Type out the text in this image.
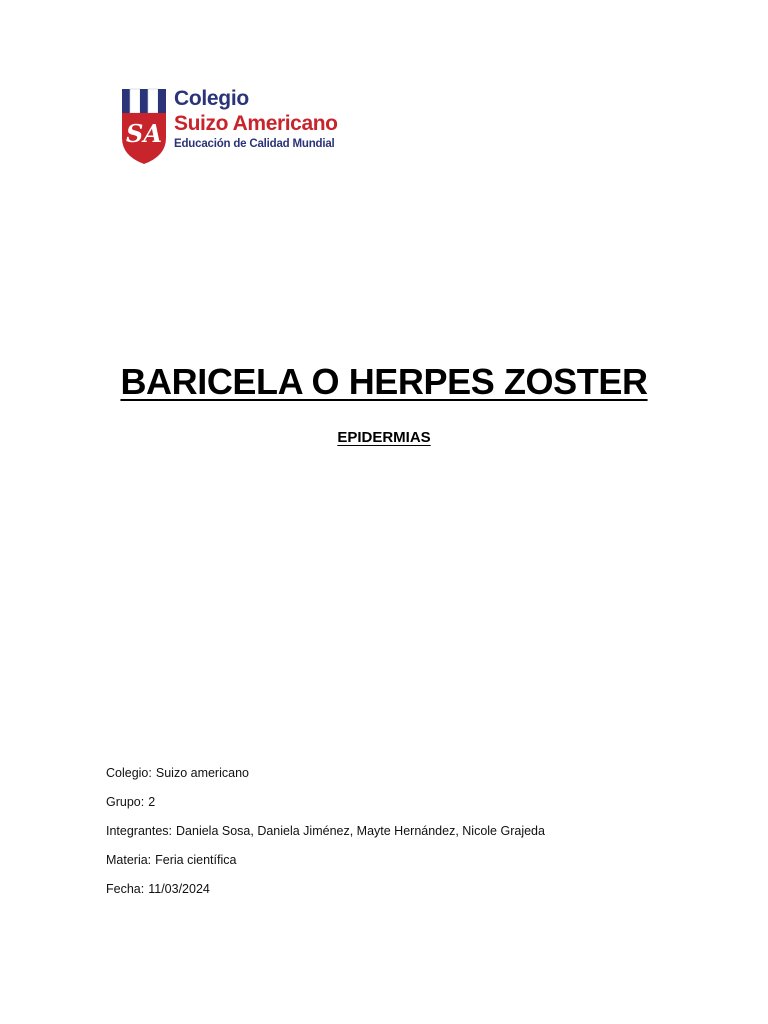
SA
Colegio
Suizo Americano
Educación de Calidad Mundial
BARICELA O HERPES ZOSTER
EPIDERMIAS
Colegio: Suizo americano
Grupo: 2
Integrantes: Daniela Sosa, Daniela Jiménez, Mayte Hernández, Nicole Grajeda
Materia: Feria científica
Fecha: 11/03/2024
